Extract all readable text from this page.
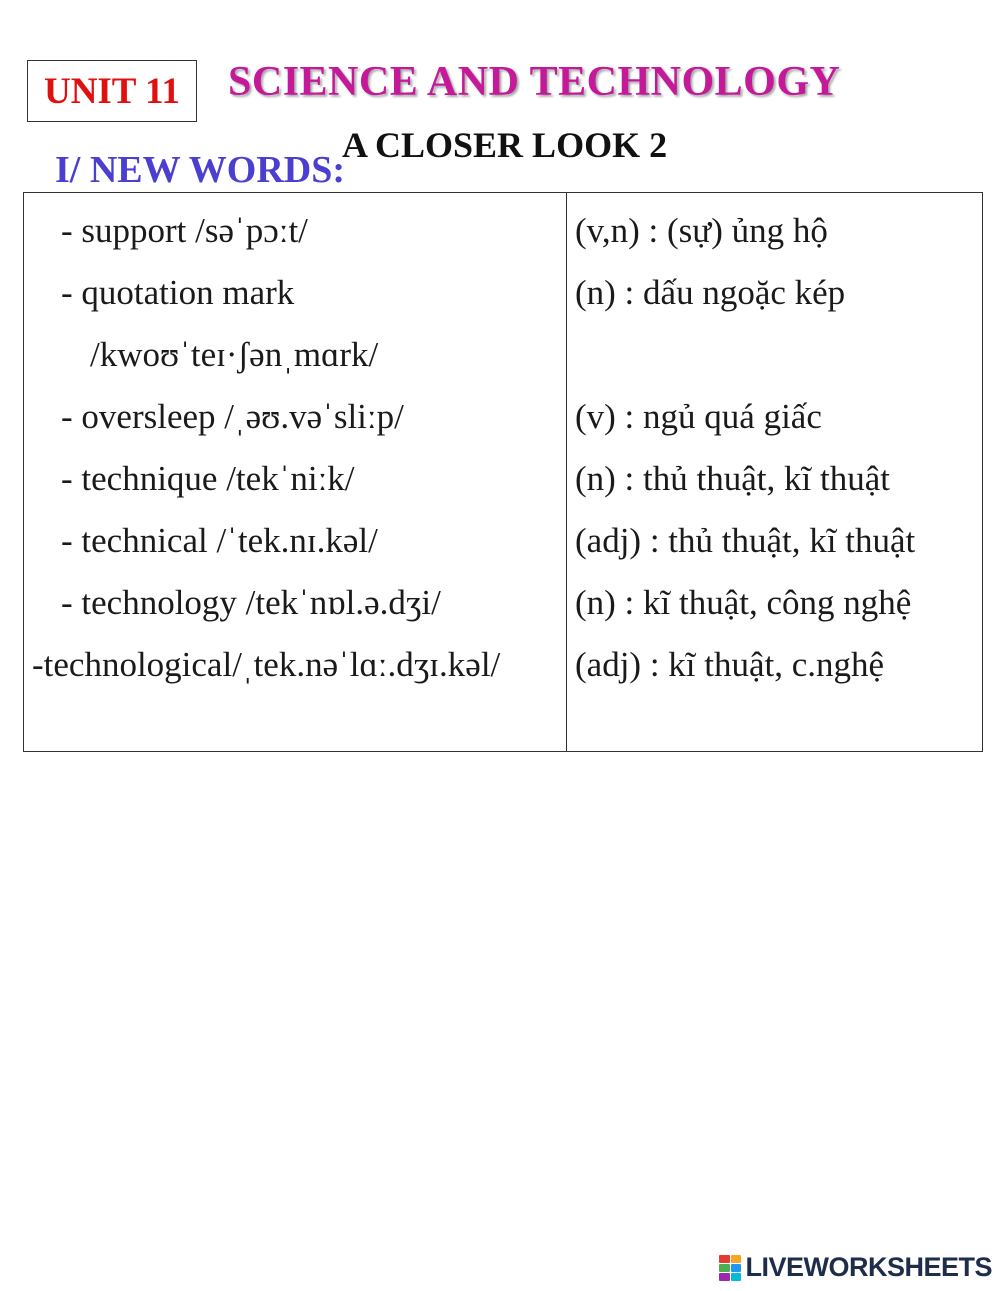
UNIT 11 SCIENCE AND TECHNOLOGY
A CLOSER LOOK 2
I/ NEW WORDS:
- support /səˈpɔːt/	(v,n) : (sự) ủng hộ
- quotation mark	(n) : dấu ngoặc kép
/kwoʊˈteɪ·ʃənˌmɑrk/
- oversleep /ˌəʊ.vəˈsliːp/	(v) : ngủ quá giấc
- technique /tekˈniːk/	(n) : thủ thuật, kĩ thuật
- technical /ˈtek.nɪ.kəl/	(adj) : thủ thuật, kĩ thuật
- technology /tekˈnɒl.ə.dʒi/	(n) : kĩ thuật, công nghệ
-technological/ˌtek.nəˈlɑː.dʒɪ.kəl/ (adj) : kĩ thuật, c.nghệ
LIVEWORKSHEETS
